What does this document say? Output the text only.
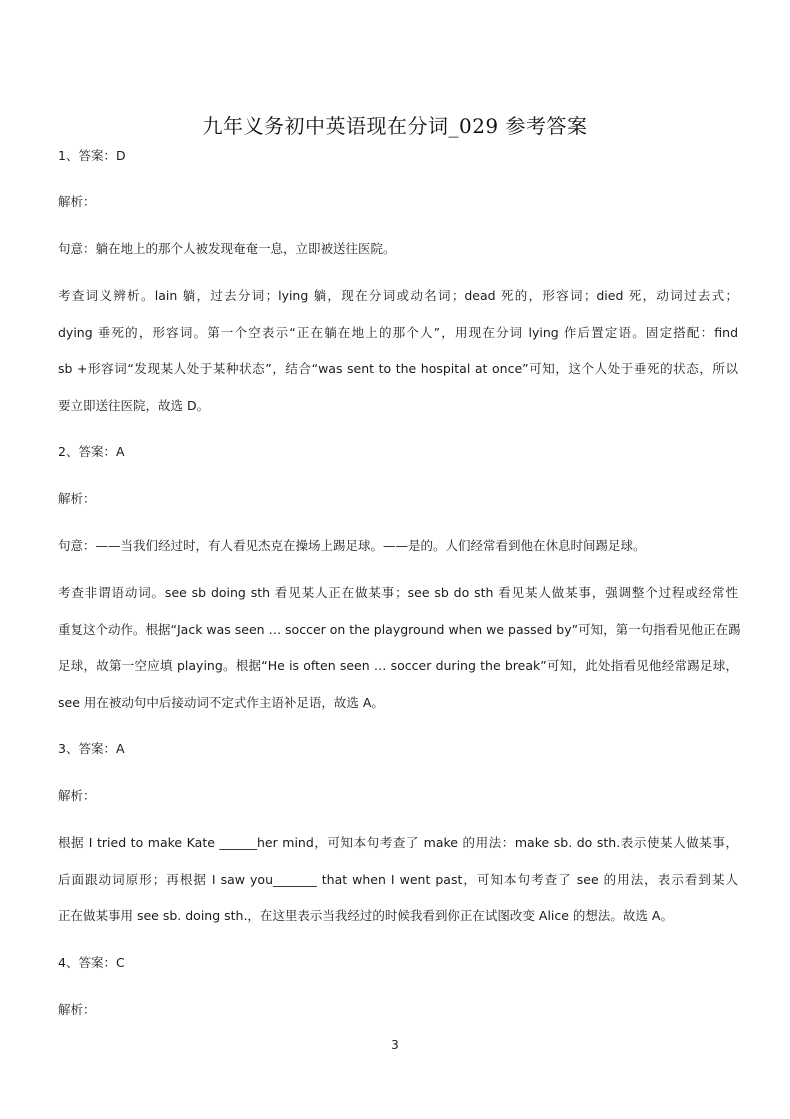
九年义务初中英语现在分词_029 参考答案
1、答案：D
解析：
句意：躺在地上的那个人被发现奄奄一息，立即被送往医院。
考查词义辨析。lain 躺，过去分词；lying 躺，现在分词或动名词；dead 死的，形容词；died 死，动词过去式；
dying 垂死的，形容词。第一个空表示“正在躺在地上的那个人”，用现在分词 lying 作后置定语。固定搭配：find
sb +形容词“发现某人处于某种状态”，结合“was sent to the hospital at once”可知，这个人处于垂死的状态，所以
要立即送往医院，故选 D。
2、答案：A
解析：
句意：——当我们经过时，有人看见杰克在操场上踢足球。——是的。人们经常看到他在休息时间踢足球。
考查非谓语动词。see sb doing sth 看见某人正在做某事；see sb do sth 看见某人做某事，强调整个过程或经常性
重复这个动作。根据“Jack was seen … soccer on the playground when we passed by”可知，第一句指看见他正在踢
足球，故第一空应填 playing。根据“He is often seen … soccer during the break”可知，此处指看见他经常踢足球，
see 用在被动句中后接动词不定式作主语补足语，故选 A。
3、答案：A
解析：
根据 I tried to make Kate ______her mind，可知本句考查了 make 的用法：make sb. do sth.表示使某人做某事，
后面跟动词原形；再根据 I saw you_______ that when I went past，可知本句考查了 see 的用法，表示看到某人
正在做某事用 see sb. doing sth.，在这里表示当我经过的时候我看到你正在试图改变 Alice 的想法。故选 A。
4、答案：C
解析：
3
